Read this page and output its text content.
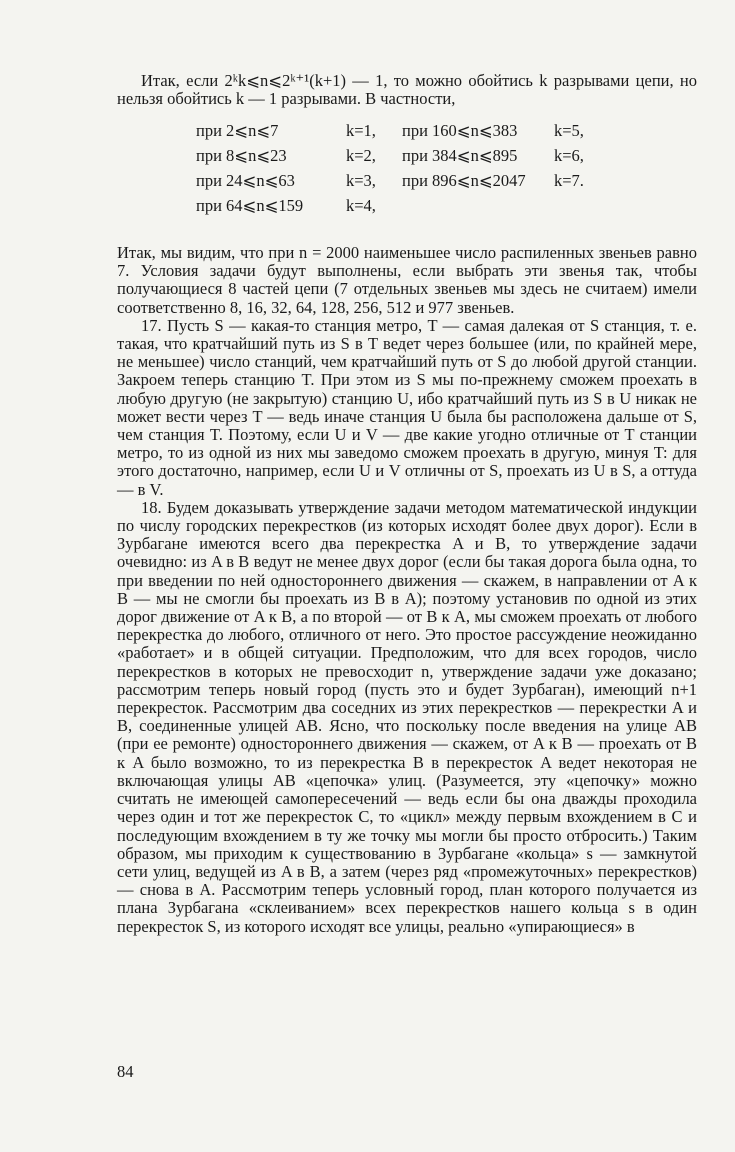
Итак, если 2ᵏk⩽n⩽2ᵏ⁺¹(k+1) — 1, то можно обойтись k разрывами цепи, но нельзя обойтись k — 1 разрывами. В частности,

при 2⩽n⩽7	k=1,	при 160⩽n⩽383	k=5,
при 8⩽n⩽23	k=2,	при 384⩽n⩽895	k=6,
при 24⩽n⩽63	k=3,	при 896⩽n⩽2047	k=7.
при 64⩽n⩽159	k=4,

Итак, мы видим, что при n = 2000 наименьшее число распиленных звеньев равно 7. Условия задачи будут выполнены, если выбрать эти звенья так, чтобы получающиеся 8 частей цепи (7 отдельных звеньев мы здесь не считаем) имели соответственно 8, 16, 32, 64, 128, 256, 512 и 977 звеньев.

17. Пусть S — какая-то станция метро, T — самая далекая от S станция, т. е. такая, что кратчайший путь из S в T ведет через большее (или, по крайней мере, не меньшее) число станций, чем кратчайший путь от S до любой другой станции. Закроем теперь станцию T. При этом из S мы по-прежнему сможем проехать в любую другую (не закрытую) станцию U, ибо кратчайший путь из S в U никак не может вести через T — ведь иначе станция U была бы расположена дальше от S, чем станция T. Поэтому, если U и V — две какие угодно отличные от T станции метро, то из одной из них мы заведомо сможем проехать в другую, минуя T: для этого достаточно, например, если U и V отличны от S, проехать из U в S, а оттуда — в V.

18. Будем доказывать утверждение задачи методом математической индукции по числу городских перекрестков (из которых исходят более двух дорог). Если в Зурбагане имеются всего два перекрестка A и B, то утверждение задачи очевидно: из A в B ведут не менее двух дорог (если бы такая дорога была одна, то при введении по ней одностороннего движения — скажем, в направлении от A к B — мы не смогли бы проехать из B в A); поэтому установив по одной из этих дорог движение от A к B, а по второй — от B к A, мы сможем проехать от любого перекрестка до любого, отличного от него. Это простое рассуждение неожиданно «работает» и в общей ситуации. Предположим, что для всех городов, число перекрестков в которых не превосходит n, утверждение задачи уже доказано; рассмотрим теперь новый город (пусть это и будет Зурбаган), имеющий n+1 перекресток. Рассмотрим два соседних из этих перекрестков — перекрестки A и B, соединенные улицей AB. Ясно, что поскольку после введения на улице AB (при ее ремонте) одностороннего движения — скажем, от A к B — проехать от B к A было возможно, то из перекрестка B в перекресток A ведет некоторая не включающая улицы AB «цепочка» улиц. (Разумеется, эту «цепочку» можно считать не имеющей самопересечений — ведь если бы она дважды проходила через один и тот же перекресток C, то «цикл» между первым вхождением в C и последующим вхождением в ту же точку мы могли бы просто отбросить.) Таким образом, мы приходим к существованию в Зурбагане «кольца» s — замкнутой сети улиц, ведущей из A в B, а затем (через ряд «промежуточных» перекрестков) — снова в A. Рассмотрим теперь условный город, план которого получается из плана Зурбагана «склеиванием» всех перекрестков нашего кольца s в один перекресток S, из которого исходят все улицы, реально «упирающиеся» в

84
